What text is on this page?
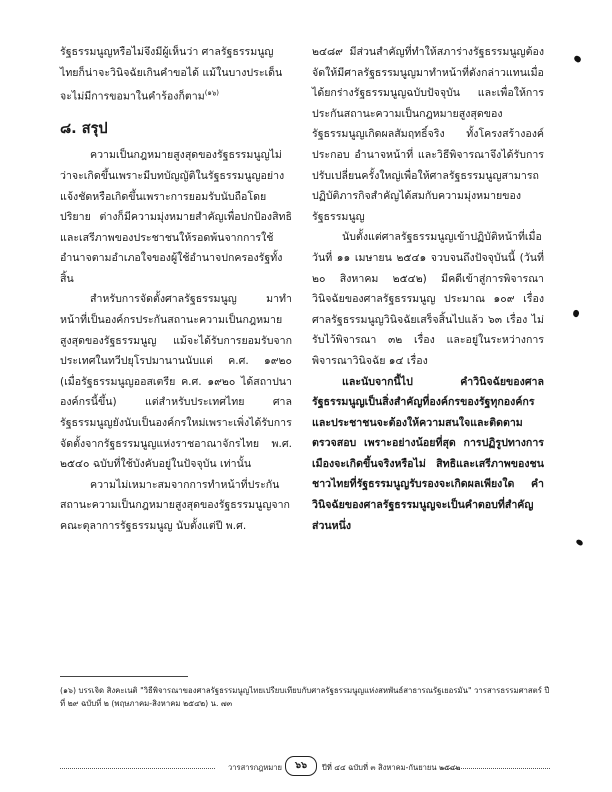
รัฐธรรมนูญหรือไม่จึงมีผู้เห็นว่า ศาลรัฐธรรมนูญ

ไทยก็น่าจะวินิจฉัยเกินคำขอได้ แม้ในบางประเด็น

จะไม่มีการขอมาในคำร้องก็ตาม$^{(๑๖)}$

๘. สรุป

ความเป็นกฎหมายสูงสุดของรัฐธรรมนูญไม่ว่าจะเกิดขึ้นเพราะมีบทบัญญัติในรัฐธรรมนูญอย่างแจ้งชัดหรือเกิดขึ้นเพราะการยอมรับนับถือโดยปริยาย ต่างก็มีความมุ่งหมายสำคัญเพื่อปกป้องสิทธิและเสรีภาพของประชาชนให้รอดพ้นจากการใช้อำนาจตามอำเภอใจของผู้ใช้อำนาจปกครองรัฐทั้งสิ้น

สำหรับการจัดตั้งศาลรัฐธรรมนูญ มาทำหน้าที่เป็นองค์กรประกันสถานะความเป็นกฎหมายสูงสุดของรัฐธรรมนูญ แม้จะได้รับการยอมรับจากประเทศในทวีปยุโรปมานานนับแต่ ค.ศ. ๑๙๒๐ (เมื่อรัฐธรรมนูญออสเตรีย ค.ศ. ๑๙๒๐ ได้สถาปนาองค์กรนี้ขึ้น) แต่สำหรับประเทศไทย ศาลรัฐธรรมนูญยังนับเป็นองค์กรใหม่เพราะเพิ่งได้รับการจัดตั้งจากรัฐธรรมนูญแห่งราชอาณาจักรไทย พ.ศ. ๒๕๔๐ ฉบับที่ใช้บังคับอยู่ในปัจจุบัน เท่านั้น

ความไม่เหมาะสมจากการทำหน้าที่ประกันสถานะความเป็นกฎหมายสูงสุดของรัฐธรรมนูญจากคณะตุลาการรัฐธรรมนูญ นับตั้งแต่ปี พ.ศ.

๒๔๘๙ มีส่วนสำคัญที่ทำให้สภาร่างรัฐธรรมนูญต้องจัดให้มีศาลรัฐธรรมนูญมาทำหน้าที่ดังกล่าวแทนเมื่อได้ยกร่างรัฐธรรมนูญฉบับปัจจุบัน และเพื่อให้การประกันสถานะความเป็นกฎหมายสูงสุดของรัฐธรรมนูญเกิดผลสัมฤทธิ์จริง ทั้งโครงสร้างองค์ประกอบ อำนาจหน้าที่ และวิธีพิจารณาจึงได้รับการปรับเปลี่ยนครั้งใหญ่เพื่อให้ศาลรัฐธรรมนูญสามารถปฏิบัติภารกิจสำคัญได้สมกับความมุ่งหมายของรัฐธรรมนูญ

นับตั้งแต่ศาลรัฐธรรมนูญเข้าปฏิบัติหน้าที่เมื่อวันที่ ๑๑ เมษายน ๒๕๔๑ จวบจนถึงปัจจุบันนี้ (วันที่ ๒๐ สิงหาคม ๒๕๔๒) มีคดีเข้าสู่การพิจารณาวินิจฉัยของศาลรัฐธรรมนูญ ประมาณ ๑๐๙ เรื่อง ศาลรัฐธรรมนูญวินิจฉัยเสร็จสิ้นไปแล้ว ๖๓ เรื่อง ไม่รับไว้พิจารณา ๓๒ เรื่อง และอยู่ในระหว่างการพิจารณาวินิจฉัย ๑๔ เรื่อง

และนับจากนี้ไป คำวินิจฉัยของศาลรัฐธรรมนูญเป็นสิ่งสำคัญที่องค์กรของรัฐทุกองค์กรและประชาชนจะต้องให้ความสนใจและติดตามตรวจสอบ เพราะอย่างน้อยที่สุด การปฏิรูปทางการเมืองจะเกิดขึ้นจริงหรือไม่ สิทธิและเสรีภาพของชนชาวไทยที่รัฐธรรมนูญรับรองจะเกิดผลเพียงใด คำวินิจฉัยของศาลรัฐธรรมนูญจะเป็นคำตอบที่สำคัญส่วนหนึ่ง

(๑๖) บรรเจิด สิงคะเนติ "วิธีพิจารณาของศาลรัฐธรรมนูญไทยเปรียบเทียบกับศาลรัฐธรรมนูญแห่งสหพันธ์สาธารณรัฐเยอรมัน" วารสารธรรมศาสตร์ ปีที่ ๒๙ ฉบับที่ ๒ (พฤษภาคม-สิงหาคม ๒๕๔๒) น. ๗๓
วารสารกฎหมาย	๖๖	ปีที่ ๔๔ ฉบับที่ ๓ สิงหาคม-กันยายน ๒๕๔๒
